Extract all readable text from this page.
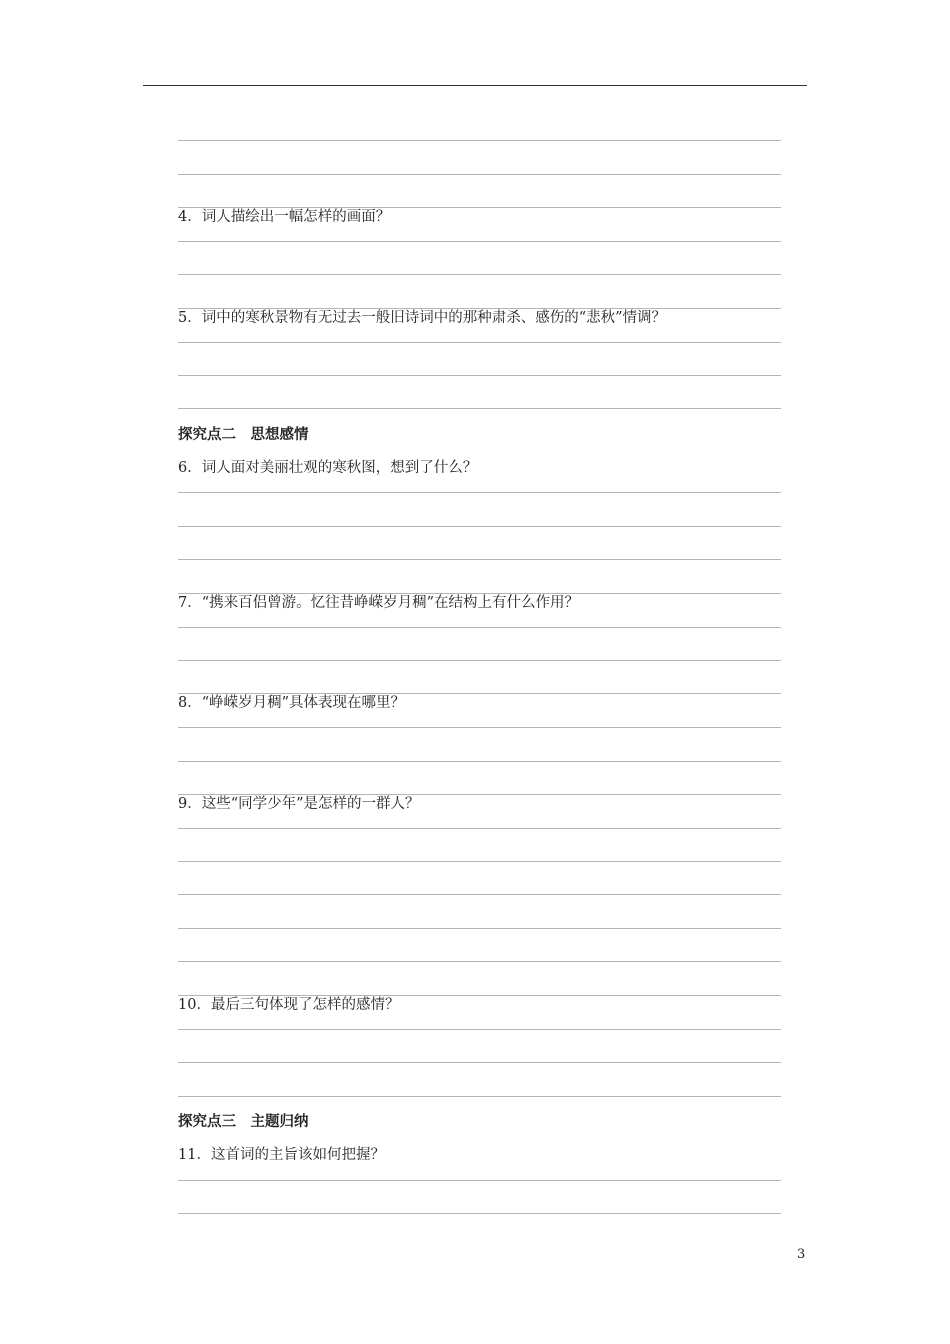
4．词人描绘出一幅怎样的画面？
5．词中的寒秋景物有无过去一般旧诗词中的那种肃杀、感伤的“悲秋”情调？
探究点二　思想感情
6．词人面对美丽壮观的寒秋图，想到了什么？
7．“携来百侣曾游。忆往昔峥嵘岁月稠”在结构上有什么作用？
8．“峥嵘岁月稠”具体表现在哪里？
9．这些“同学少年”是怎样的一群人？
10．最后三句体现了怎样的感情？
探究点三　主题归纳
11．这首词的主旨该如何把握？
3
